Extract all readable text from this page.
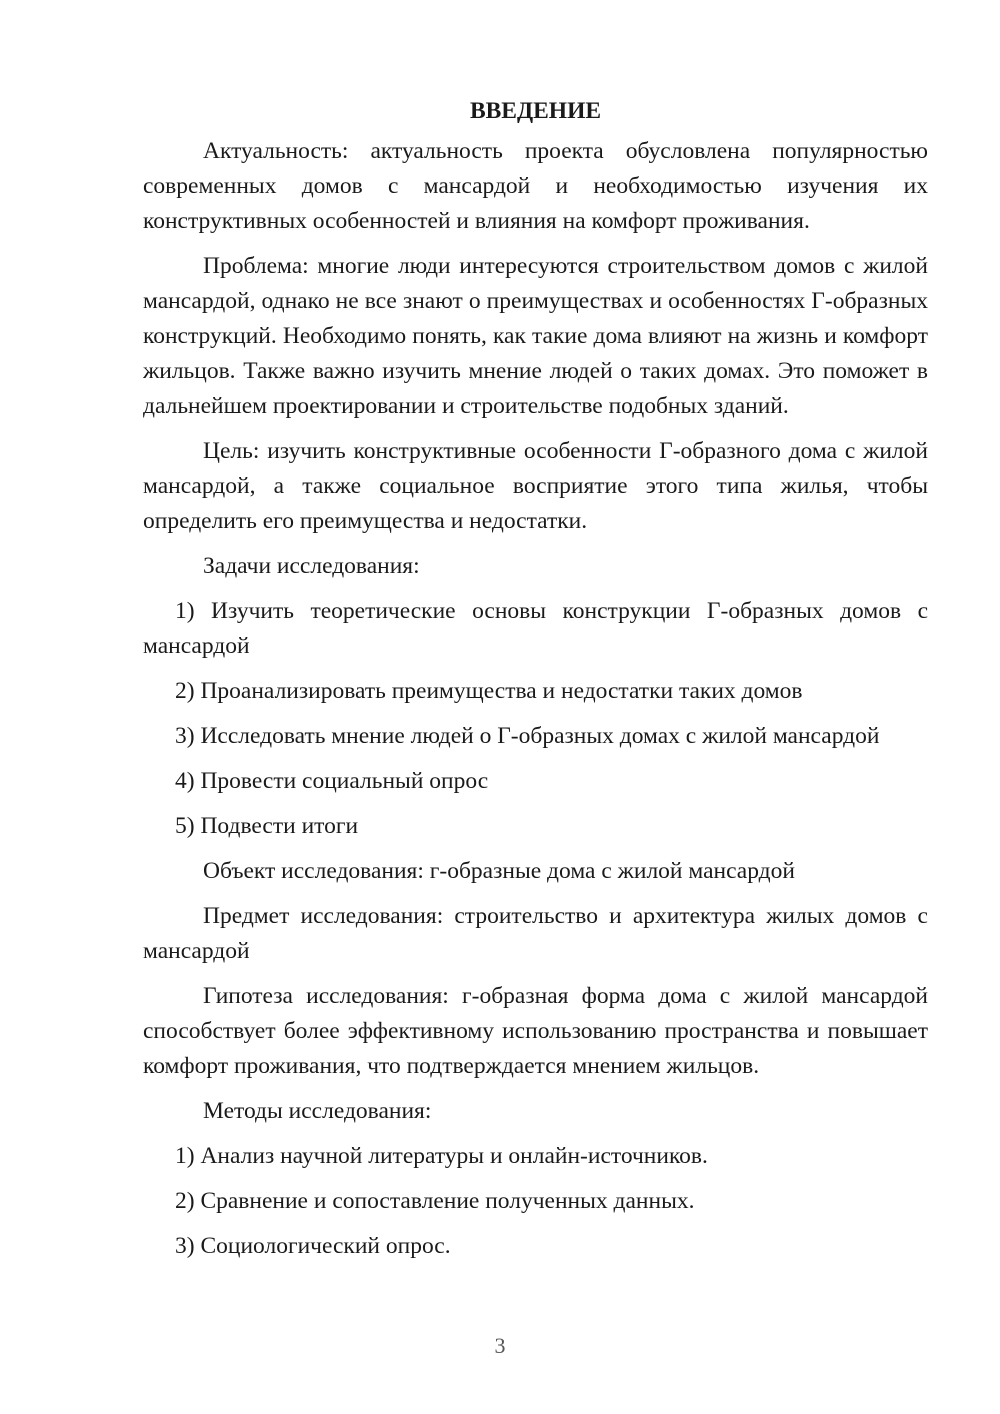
ВВЕДЕНИЕ

Актуальность: актуальность проекта обусловлена популярностью современных домов с мансардой и необходимостью изучения их конструктивных особенностей и влияния на комфорт проживания.

Проблема: многие люди интересуются строительством домов с жилой мансардой, однако не все знают о преимуществах и особенностях Г-образных конструкций. Необходимо понять, как такие дома влияют на жизнь и комфорт жильцов. Также важно изучить мнение людей о таких домах. Это поможет в дальнейшем проектировании и строительстве подобных зданий.

Цель: изучить конструктивные особенности Г-образного дома с жилой мансардой, а также социальное восприятие этого типа жилья, чтобы определить его преимущества и недостатки.

Задачи исследования:

1) Изучить теоретические основы конструкции Г-образных домов с мансардой

2) Проанализировать преимущества и недостатки таких домов

3) Исследовать мнение людей о Г-образных домах с жилой мансардой

4) Провести социальный опрос

5) Подвести итоги

Объект исследования: г-образные дома с жилой мансардой

Предмет исследования: строительство и архитектура жилых домов с мансардой

Гипотеза исследования: г-образная форма дома с жилой мансардой способствует более эффективному использованию пространства и повышает комфорт проживания, что подтверждается мнением жильцов.

Методы исследования:

1) Анализ научной литературы и онлайн-источников.

2) Сравнение и сопоставление полученных данных.

3) Социологический опрос.

3
